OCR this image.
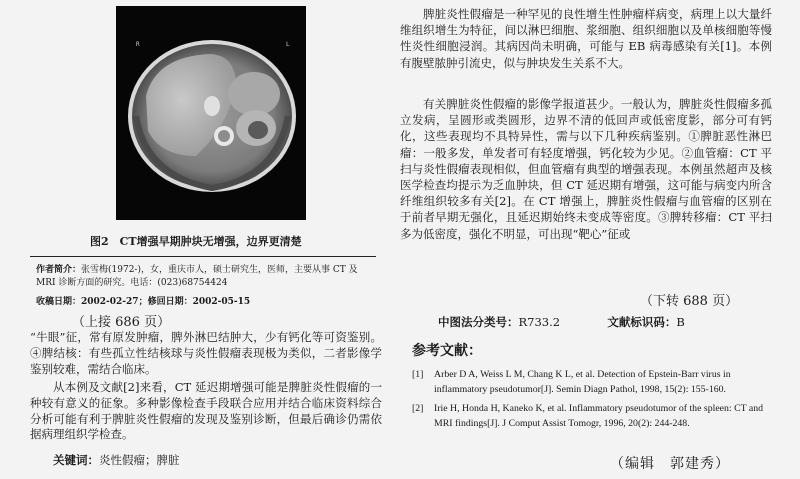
R	L
图2　CT增强早期肿块无增强，边界更清楚
作者简介：张雪梅(1972-)，女，重庆市人，硕士研究生，医师，主要从事 CT 及 MRI 诊断方面的研究。电话：(023)68754424
收稿日期：2002-02-27；修回日期：2002-05-15
（上接 686 页）
“牛眼”征，常有原发肿瘤，脾外淋巴结肿大，少有钙化等可资鉴别。④脾结核：有些孤立性结核球与炎性假瘤表现极为类似，二者影像学鉴别较难，需结合临床。
从本例及文献[2]来看，CT 延迟期增强可能是脾脏炎性假瘤的一种较有意义的征象。多种影像检查手段联合应用并结合临床资料综合分析可能有利于脾脏炎性假瘤的发现及鉴别诊断，但最后确诊仍需依据病理组织学检查。
关键词：炎性假瘤；脾脏
脾脏炎性假瘤是一种罕见的良性增生性肿瘤样病变，病理上以大量纤维组织增生为特征，间以淋巴细胞、浆细胞、组织细胞以及单核细胞等慢性炎性细胞浸润。其病因尚未明确，可能与 EB 病毒感染有关[1]。本例有腹壁脓肿引流史，似与肿块发生关系不大。
有关脾脏炎性假瘤的影像学报道甚少。一般认为，脾脏炎性假瘤多孤立发病，呈圆形或类圆形，边界不清的低回声或低密度影，部分可有钙化，这些表现均不具特异性，需与以下几种疾病鉴别。①脾脏恶性淋巴瘤：一般多发，单发者可有轻度增强，钙化较为少见。②血管瘤：CT 平扫与炎性假瘤表现相似，但血管瘤有典型的增强表现。本例虽然超声及核医学检查均提示为乏血肿块，但 CT 延迟期有增强，这可能与病变内所含纤维组织较多有关[2]。在 CT 增强上，脾脏炎性假瘤与血管瘤的区别在于前者早期无强化，且延迟期始终未变成等密度。③脾转移瘤：CT 平扫多为低密度，强化不明显，可出现“靶心”征或
（下转 688 页）
中图法分类号：R733.2	文献标识码：B
参考文献：
[1]	Arber D A, Weiss L M, Chang K L, et al. Detection of Epstein-Barr virus in inflammatory pseudotumor[J]. Semin Diagn Pathol, 1998, 15(2): 155-160.
[2]	Irie H, Honda H, Kaneko K, et al. Inflammatory pseudotumor of the spleen: CT and MRI findings[J]. J Comput Assist Tomogr, 1996, 20(2): 244-248.
（编辑　郭建秀）
